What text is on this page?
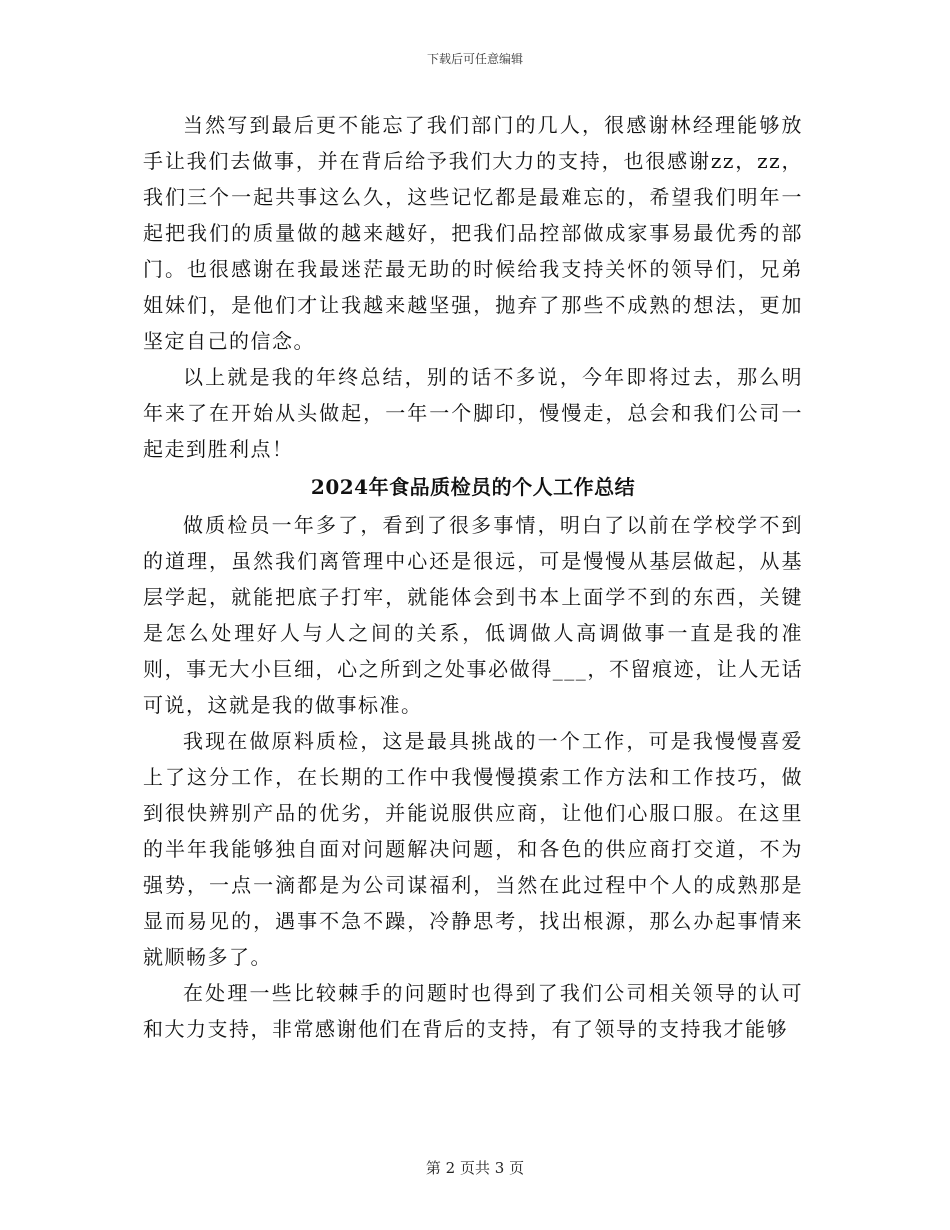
下载后可任意编辑

当然写到最后更不能忘了我们部门的几人，很感谢林经理能够放手让我们去做事，并在背后给予我们大力的支持，也很感谢zz，zz，我们三个一起共事这么久，这些记忆都是最难忘的，希望我们明年一起把我们的质量做的越来越好，把我们品控部做成家事易最优秀的部门。也很感谢在我最迷茫最无助的时候给我支持关怀的领导们，兄弟姐妹们，是他们才让我越来越坚强，抛弃了那些不成熟的想法，更加坚定自己的信念。

以上就是我的年终总结，别的话不多说，今年即将过去，那么明年来了在开始从头做起，一年一个脚印，慢慢走，总会和我们公司一起走到胜利点！

2024年食品质检员的个人工作总结

做质检员一年多了，看到了很多事情，明白了以前在学校学不到的道理，虽然我们离管理中心还是很远，可是慢慢从基层做起，从基层学起，就能把底子打牢，就能体会到书本上面学不到的东西，关键是怎么处理好人与人之间的关系，低调做人高调做事一直是我的准则，事无大小巨细，心之所到之处事必做得___，不留痕迹，让人无话可说，这就是我的做事标准。

我现在做原料质检，这是最具挑战的一个工作，可是我慢慢喜爱上了这分工作，在长期的工作中我慢慢摸索工作方法和工作技巧，做到很快辨别产品的优劣，并能说服供应商，让他们心服口服。在这里的半年我能够独自面对问题解决问题，和各色的供应商打交道，不为强势，一点一滴都是为公司谋福利，当然在此过程中个人的成熟那是显而易见的，遇事不急不躁，冷静思考，找出根源，那么办起事情来就顺畅多了。

在处理一些比较棘手的问题时也得到了我们公司相关领导的认可和大力支持，非常感谢他们在背后的支持，有了领导的支持我才能够

第 2 页共 3 页
